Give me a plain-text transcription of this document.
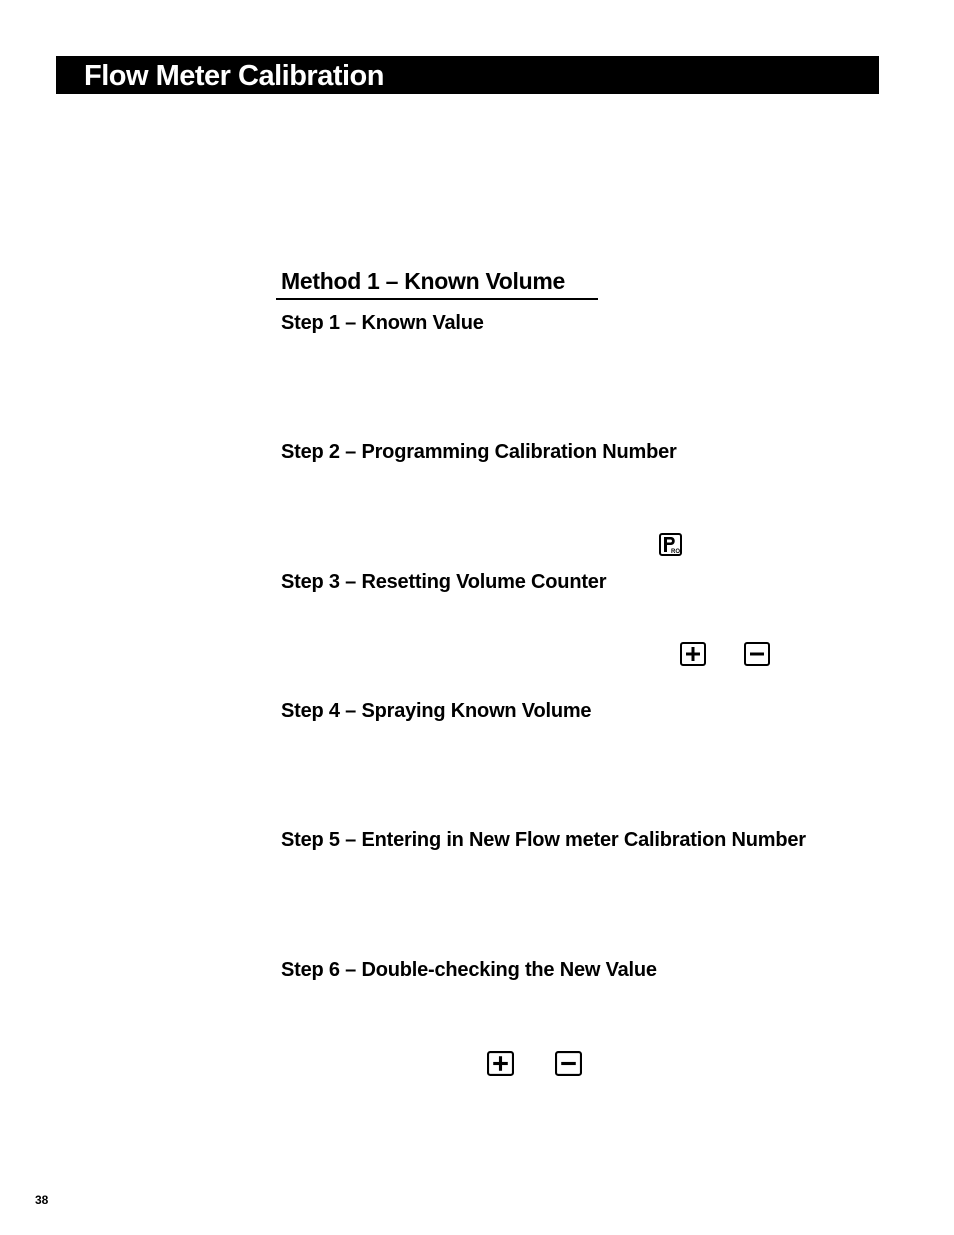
Flow Meter Calibration
Method 1 – Known Volume
Step 1 – Known Value
Step 2 – Programming Calibration Number
RO
Step 3 – Resetting Volume Counter
Step 4 – Spraying Known Volume
Step 5 – Entering in New Flow meter Calibration Number
Step 6 – Double-checking the New Value
38
